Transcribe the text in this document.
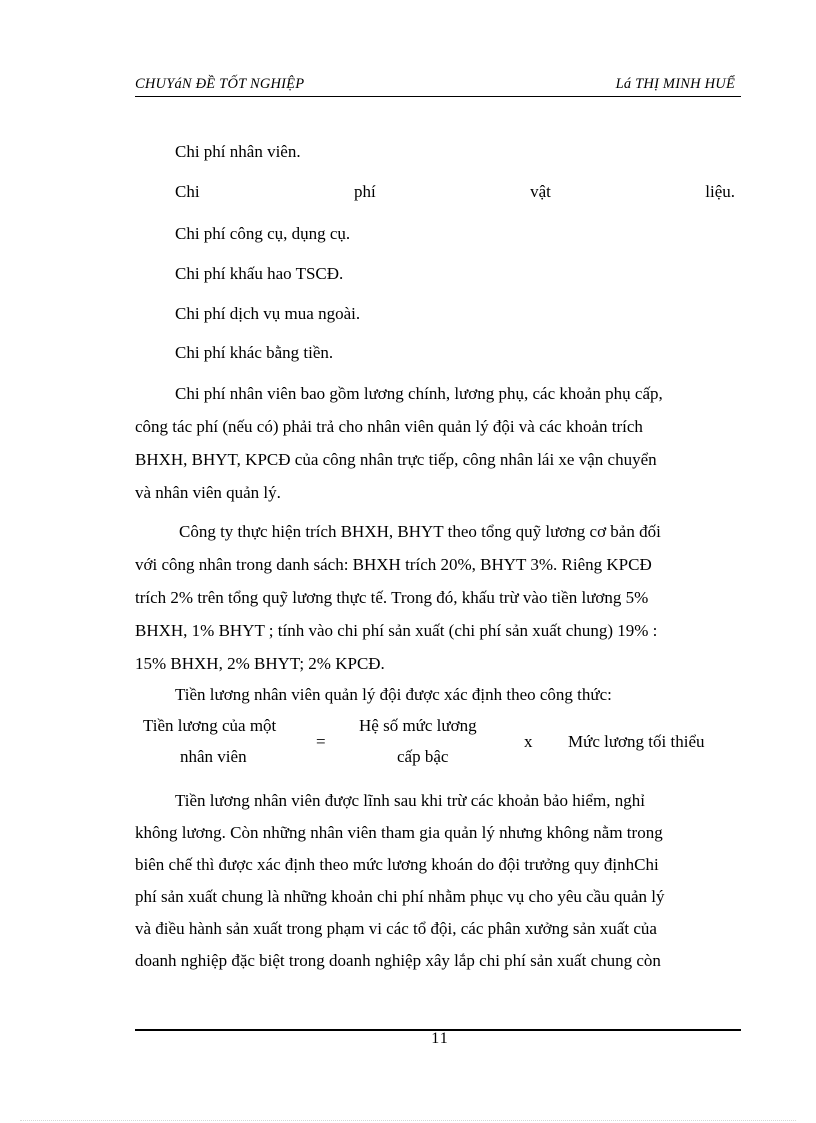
CHUYáN ĐỀ TỐT NGHIỆP	Lá THỊ MINH HUỂ
Chi phí nhân viên.
Chi	phí	vật	liệu.
Chi phí công cụ, dụng cụ.
Chi phí khấu hao TSCĐ.
Chi phí dịch vụ mua ngoài.
Chi phí khác bằng tiền.
Chi phí nhân viên bao gồm lương chính, lương phụ, các khoản phụ cấp,
công tác phí (nếu có) phải trả cho nhân viên quản lý đội và các khoản trích
BHXH, BHYT, KPCĐ của công nhân trực tiếp, công nhân lái xe vận chuyển
và nhân viên quản lý.
Công ty thực hiện trích BHXH, BHYT theo tổng quỹ lương cơ bản đối
với công nhân trong danh sách: BHXH trích 20%, BHYT 3%. Riêng KPCĐ
trích 2% trên tổng quỹ lương thực tế. Trong đó, khấu trừ vào tiền lương 5%
BHXH, 1% BHYT ; tính vào chi phí sản xuất (chi phí sản xuất chung) 19% :
15% BHXH, 2% BHYT; 2% KPCĐ.
Tiền lương nhân viên quản lý đội được xác định theo công thức:
Tiền lương nhân viên được lĩnh sau khi trừ các khoản bảo hiểm, nghỉ
không lương. Còn những nhân viên tham gia quản lý nhưng không nằm trong
biên chế thì được xác định theo mức lương khoán do đội trưởng quy địnhChi
phí sản xuất chung là những khoản chi phí nhằm phục vụ cho yêu cầu quản lý
và điều hành sản xuất trong phạm vi các tổ đội, các phân xưởng sản xuất của
doanh nghiệp đặc biệt trong doanh nghiệp xây lắp chi phí sản xuất chung còn
Tiền lương của một
nhân viên
=
Hệ số mức lương
cấp bậc
x Mức lương tối thiểu
11
